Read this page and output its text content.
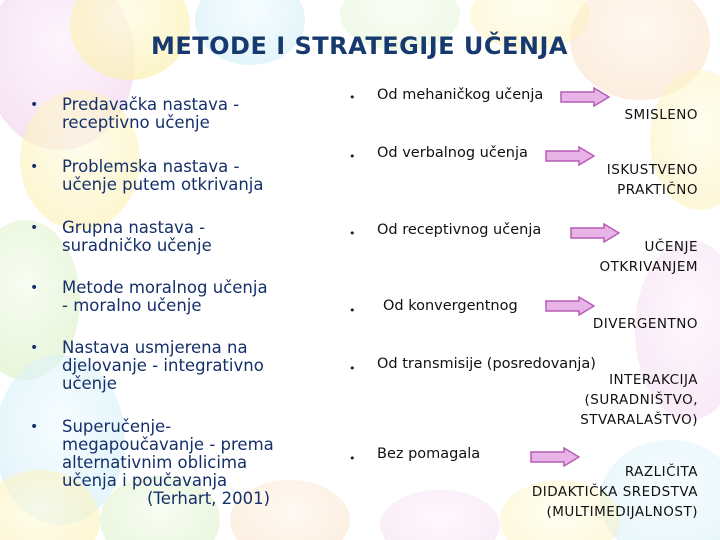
METODE I STRATEGIJE UČENJA
• Predavačka nastava -
receptivno učenje
• Problemska nastava -
učenje putem otkrivanja
• Grupna nastava -
suradničko učenje
• Metode moralnog učenja
- moralno učenje
• Nastava usmjerena na
djelovanje - integrativno
učenje
• Superučenje-
megapoučavanje - prema
alternativnim oblicima
učenja i poučavanja
(Terhart, 2001)
• Od mehaničkog učenja
SMISLENO
• Od verbalnog učenja
ISKUSTVENO
PRAKTIČNO
• Od receptivnog učenja
UČENJE
OTKRIVANJEM
• Od konvergentnog
DIVERGENTNO
• Od transmisije (posredovanja)
INTERAKCIJA
(SURADNIŠTVO,
STVARALAŠTVO)
• Bez pomagala
RAZLIČITA
DIDAKTIČKA SREDSTVA
(MULTIMEDIJALNOST)
